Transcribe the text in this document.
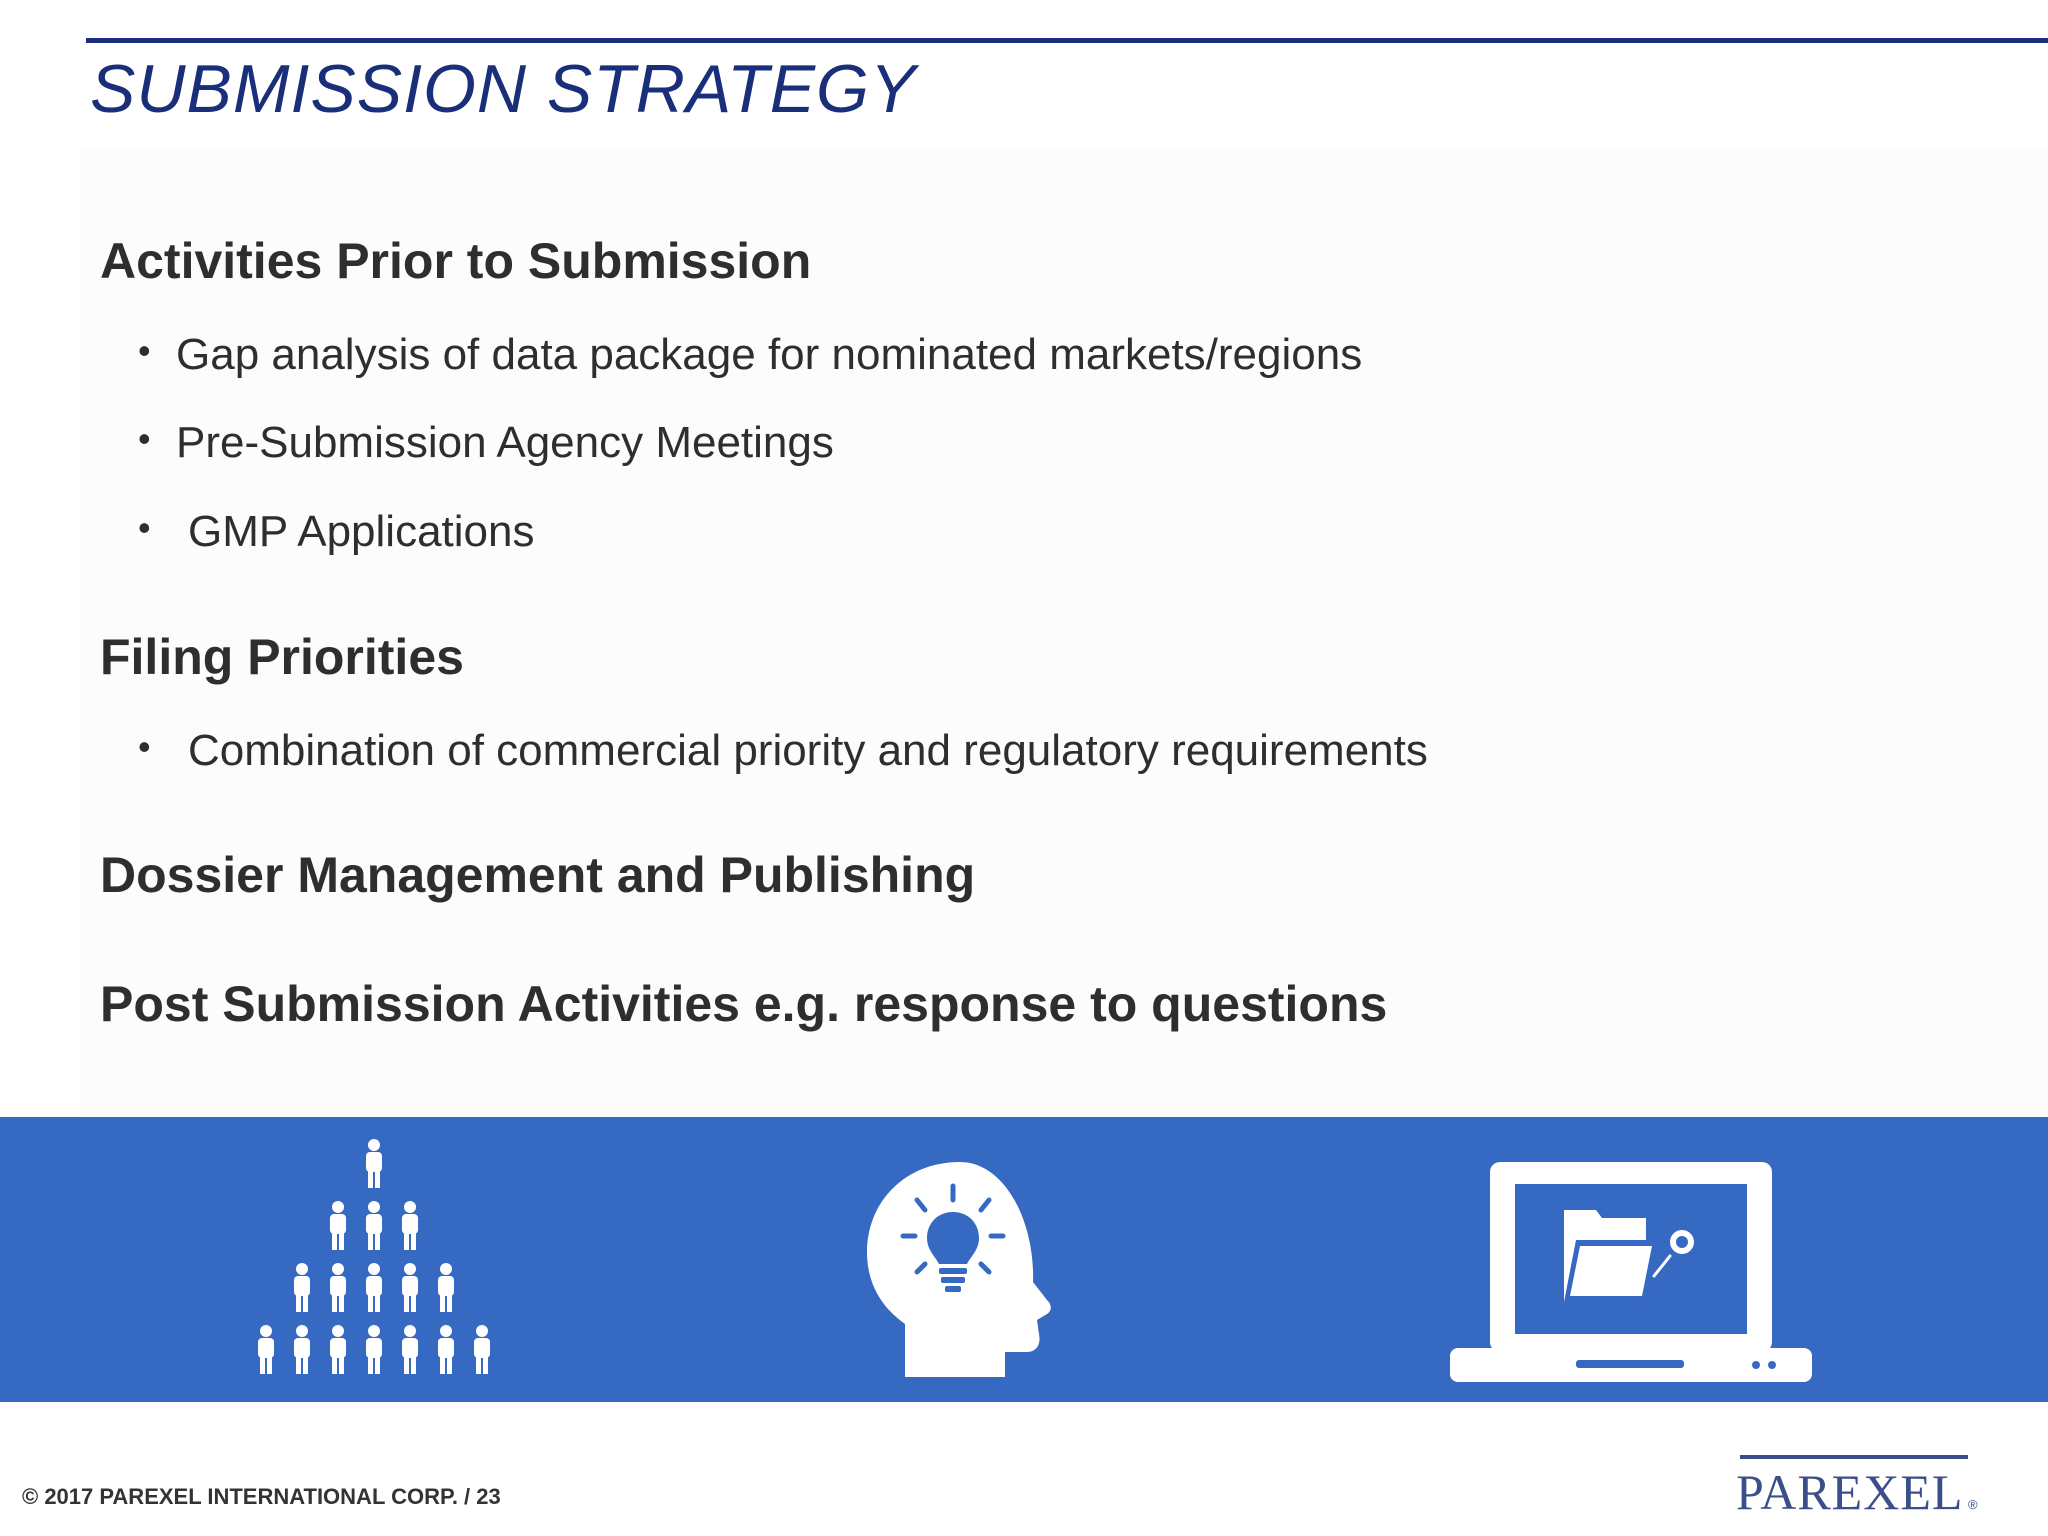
SUBMISSION STRATEGY
Activities Prior to Submission
• Gap analysis of data package for nominated markets/regions
• Pre-Submission Agency Meetings
• GMP Applications
Filing Priorities
• Combination of commercial priority and regulatory requirements
Dossier Management and Publishing
Post Submission Activities e.g. response to questions
© 2017 PAREXEL INTERNATIONAL CORP. / 23	PAREXEL ®
